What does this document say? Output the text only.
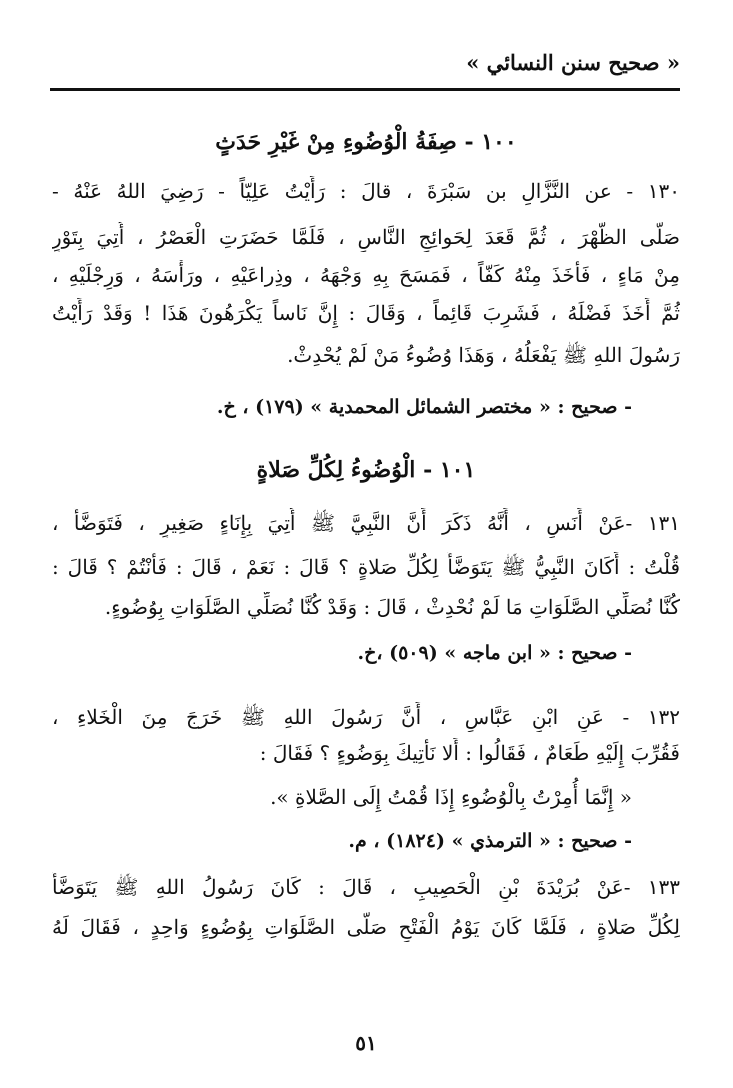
« صحيح سنن النسائي »
١٠٠ - صِفَةُ الْوُضُوءِ مِنْ غَيْرِ حَدَثٍ
١٣٠ - عن النَّزَّالِ بن سَبْرَةَ ، قالَ : رَأَيْتُ عَلِيّاً - رَضِيَ اللهُ عَنْهُ -
صَلَّى الظُّهْرَ ، ثُمَّ قَعَدَ لِحَوائِجِ النَّاسِ ، فَلَمَّا حَضَرَتِ الْعَصْرُ ، أُتِيَ بِتَوْرٍ
مِنْ مَاءٍ ، فَأَخَذَ مِنْهُ كَفّاً ، فَمَسَحَ بِهِ وَجْهَهُ ، وذِراعَيْهِ ، ورَأْسَهُ ، وَرِجْلَيْهِ ،
ثُمَّ أَخَذَ فَضْلَهُ ، فَشَرِبَ قَائِماً ، وَقَالَ : إِنَّ نَاساً يَكْرَهُونَ هَذَا ! وَقَدْ رَأَيْتُ
رَسُولَ اللهِ ﷺ يَفْعَلُهُ ، وَهَذَا وُضُوءُ مَنْ لَمْ يُحْدِثْ.
- صحيح : « مختصر الشمائل المحمدية » (١٧٩) ، خ.
١٠١ - الْوُضُوءُ لِكُلِّ صَلاةٍ
١٣١ -عَنْ أَنَسٍ ، أَنَّهُ ذَكَرَ أَنَّ النَّبِيَّ ﷺ أُتِيَ بِإِنَاءٍ صَغِيرٍ ، فَتَوَضَّأَ ،
قُلْتُ : أَكَانَ النَّبِيُّ ﷺ يَتَوَضَّأُ لِكُلِّ صَلاةٍ ؟ قَالَ : نَعَمْ ، قَالَ : فَأَنْتُمْ ؟ قَالَ :
كُنَّا نُصَلِّي الصَّلَوَاتِ مَا لَمْ نُحْدِثْ ، قَالَ : وَقَدْ كُنَّا نُصَلِّي الصَّلَوَاتِ بِوُضُوءٍ.
- صحيح : « ابن ماجه » (٥٠٩) ،خ.
١٣٢ - عَنِ ابْنِ عَبَّاسٍ ، أَنَّ رَسُولَ اللهِ ﷺ خَرَجَ مِنَ الْخَلاءِ ،
فَقُرِّبَ إِلَيْهِ طَعَامٌ ، فَقَالُوا : أَلا نَأْتِيكَ بِوَضُوءٍ ؟ فَقَالَ :
« إِنَّمَا أُمِرْتُ بِالْوُضُوءِ إِذَا قُمْتُ إِلَى الصَّلاةِ ».
- صحيح : « الترمذي » (١٨٢٤) ، م.
١٣٣ -عَنْ بُرَيْدَةَ بْنِ الْحَصِيبِ ، قَالَ : كَانَ رَسُولُ اللهِ ﷺ يَتَوَضَّأُ
لِكُلِّ صَلاةٍ ، فَلَمَّا كَانَ يَوْمُ الْفَتْحِ صَلَّى الصَّلَوَاتِ بِوُضُوءٍ وَاحِدٍ ، فَقَالَ لَهُ
٥١
